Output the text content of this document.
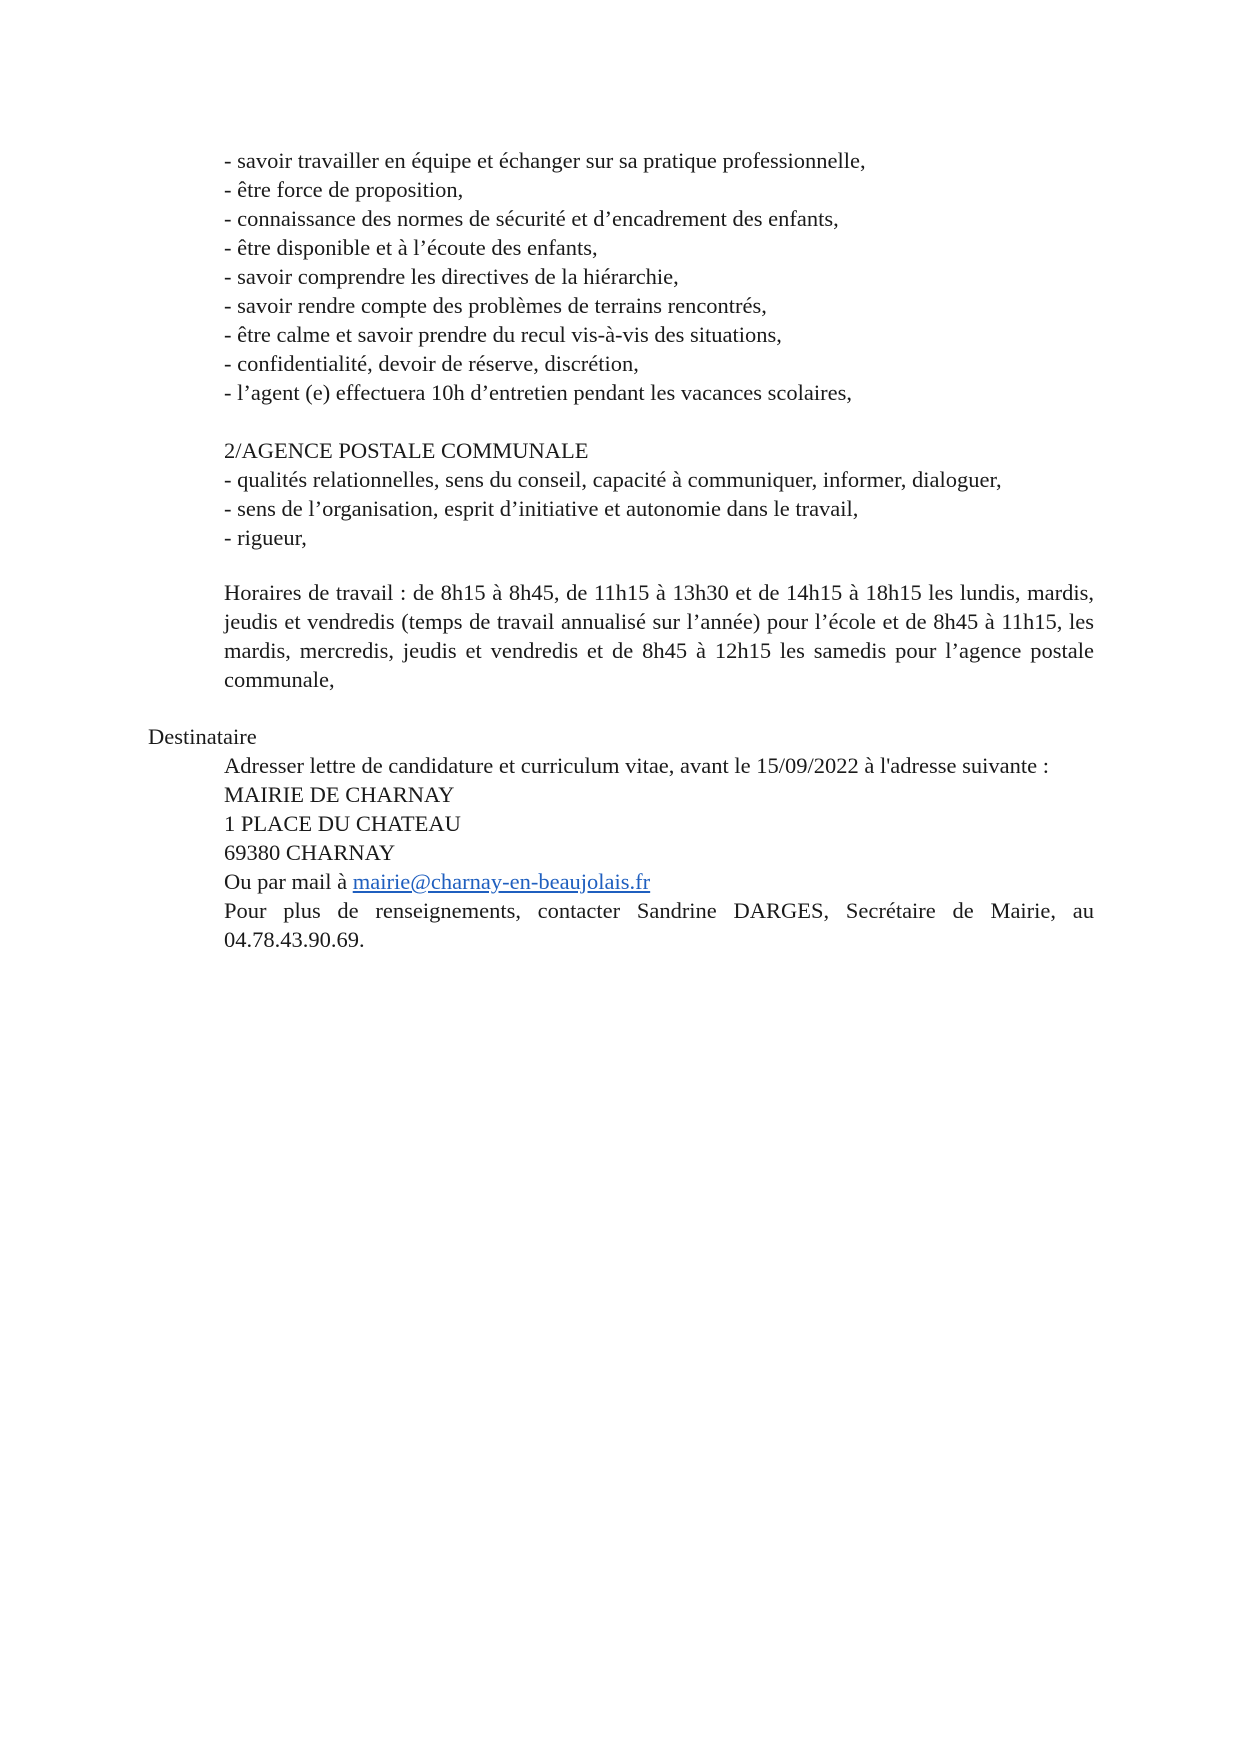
- savoir travailler en équipe et échanger sur sa pratique professionnelle,
- être force de proposition,
- connaissance des normes de sécurité et d’encadrement des enfants,
- être disponible et à l’écoute des enfants,
- savoir comprendre les directives de la hiérarchie,
- savoir rendre compte des problèmes de terrains rencontrés,
- être calme et savoir prendre du recul vis-à-vis des situations,
- confidentialité, devoir de réserve, discrétion,
- l’agent (e) effectuera 10h d’entretien pendant les vacances scolaires,
2/AGENCE POSTALE COMMUNALE
- qualités relationnelles, sens du conseil, capacité à communiquer, informer, dialoguer,
- sens de l’organisation, esprit d’initiative et autonomie dans le travail,
- rigueur,
Horaires de travail : de 8h15 à 8h45, de 11h15 à 13h30 et de 14h15 à 18h15 les lundis, mardis, jeudis et vendredis (temps de travail annualisé sur l’année) pour l’école et de 8h45 à 11h15, les mardis, mercredis, jeudis et vendredis et de 8h45 à 12h15 les samedis pour l’agence postale communale,
Destinataire
Adresser lettre de candidature et curriculum vitae, avant le 15/09/2022 à l'adresse suivante :
MAIRIE DE CHARNAY
1 PLACE DU CHATEAU
69380 CHARNAY
Ou par mail à mairie@charnay-en-beaujolais.fr
Pour plus de renseignements, contacter Sandrine DARGES, Secrétaire de Mairie, au 04.78.43.90.69.
